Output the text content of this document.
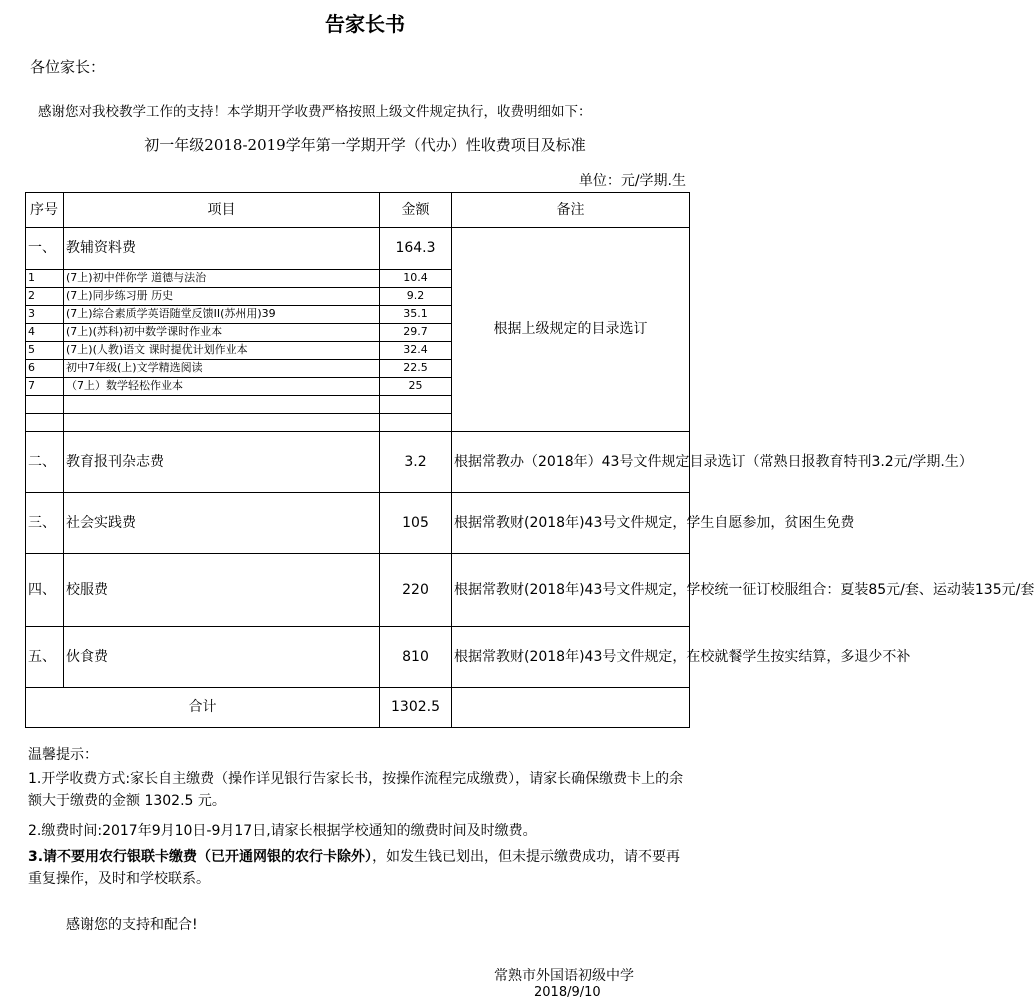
告家长书
各位家长：
感谢您对我校教学工作的支持！本学期开学收费严格按照上级文件规定执行，收费明细如下：
初一年级2018-2019学年第一学期开学（代办）性收费项目及标准
单位：元/学期.生
序号	项目	金额	备注
一、	教辅资料费	164.3	根据上级规定的目录选订
1	(7上)初中伴你学 道德与法治	10.4	
2	(7上)同步练习册 历史	9.2	
3	(7上)综合素质学英语随堂反馈II(苏州用)39	35.1	
4	(7上)(苏科)初中数学课时作业本	29.7	
5	(7上)(人教)语文 课时提优计划作业本	32.4	
6	初中7年级(上)文学精选阅读	22.5	
7	（7上）数学轻松作业本	25	

二、	教育报刊杂志费	3.2	根据常教办（2018年）43号文件规定目录选订（常熟日报教育特刊3.2元/学期.生）
三、	社会实践费	105	根据常教财(2018年)43号文件规定，学生自愿参加，贫困生免费
四、	校服费	220	根据常教财(2018年)43号文件规定，学校统一征订校服组合：夏装85元/套、运动装135元/套
五、	伙食费	810	根据常教财(2018年)43号文件规定，在校就餐学生按实结算，多退少不补
合计		1302.5	
温馨提示：
1.开学收费方式:家长自主缴费（操作详见银行告家长书，按操作流程完成缴费），请家长确保缴费卡上的余额大于缴费的金额 1302.5 元。
2.缴费时间:2017年9月10日-9月17日,请家长根据学校通知的缴费时间及时缴费。
3.请不要用农行银联卡缴费（已开通网银的农行卡除外），如发生钱已划出，但未提示缴费成功，请不要再重复操作，及时和学校联系。
感谢您的支持和配合!
常熟市外国语初级中学
2018/9/10
